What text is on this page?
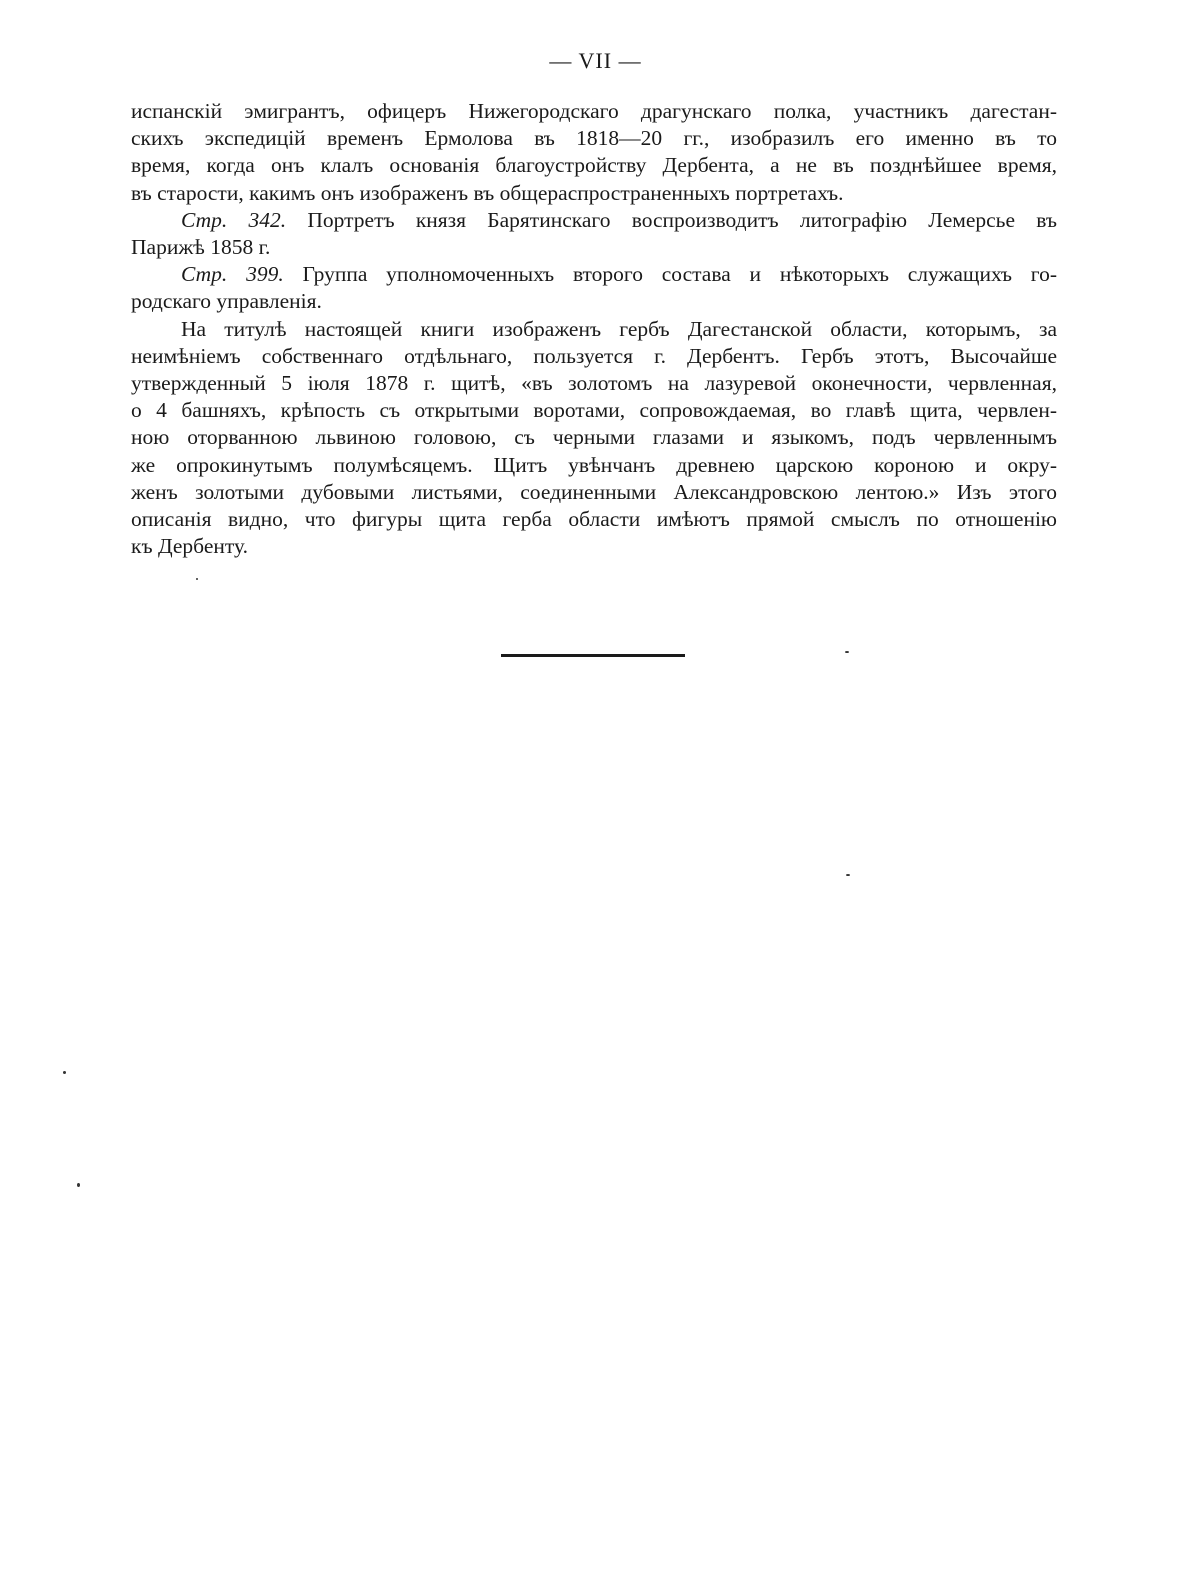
— VII —
испанскій эмигрантъ, офицеръ Нижегородскаго драгунскаго полка, участникъ дагестан-
скихъ экспедицій временъ Ермолова въ 1818—20 гг., изобразилъ его именно въ то
время, когда онъ клалъ основанія благоустройству Дербента, а не въ позднѣйшее время,
въ старости, какимъ онъ изображенъ въ общераспространенныхъ портретахъ.
Стр. 342. Портретъ князя Барятинскаго воспроизводитъ литографію Лемерсье въ
Парижѣ 1858 г.
Стр. 399. Группа уполномоченныхъ второго состава и нѣкоторыхъ служащихъ го-
родскаго управленія.
На титулѣ настоящей книги изображенъ гербъ Дагестанской области, которымъ, за
неимѣніемъ собственнаго отдѣльнаго, пользуется г. Дербентъ. Гербъ этотъ, Высочайше
утвержденный 5 іюля 1878 г. щитѣ, «въ золотомъ на лазуревой оконечности, червленная,
о 4 башняхъ, крѣпость съ открытыми воротами, сопровождаемая, во главѣ щита, червлен-
ною оторванною львиною головою, съ черными глазами и языкомъ, подъ червленнымъ
же опрокинутымъ полумѣсяцемъ. Щитъ увѣнчанъ древнею царскою короною и окру-
женъ золотыми дубовыми листьями, соединенными Александровскою лентою.» Изъ этого
описанія видно, что фигуры щита герба области имѣютъ прямой смыслъ по отношенію
къ Дербенту.
